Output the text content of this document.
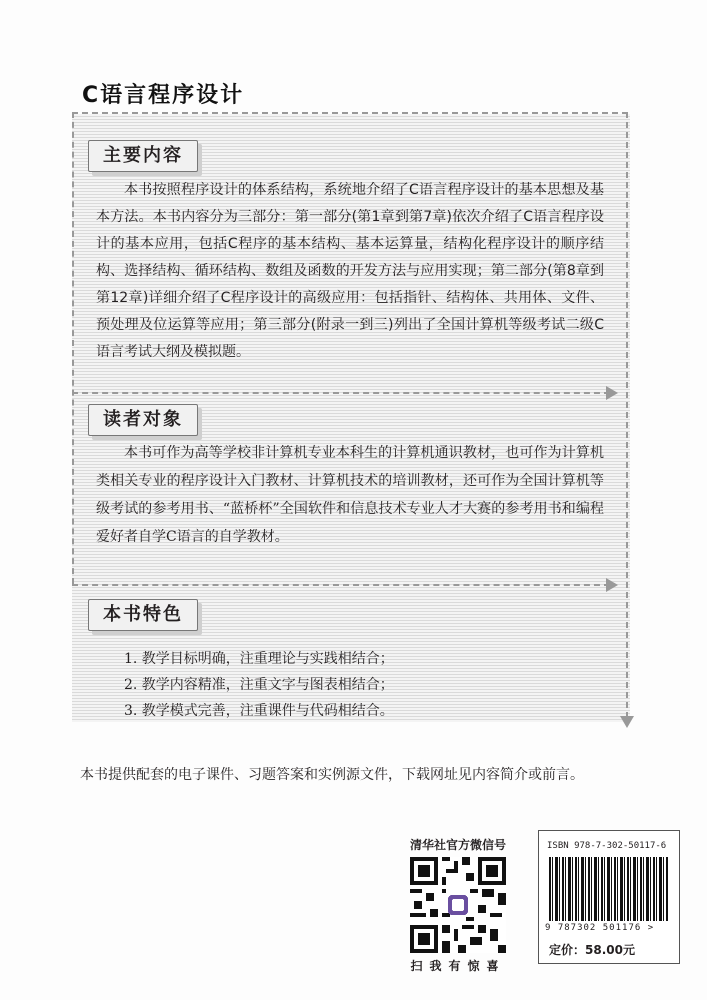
C语言程序设计
主要内容
本书按照程序设计的体系结构，系统地介绍了C语言程序设计的基本思想及基本方法。本书内容分为三部分：第一部分(第1章到第7章)依次介绍了C语言程序设计的基本应用，包括C程序的基本结构、基本运算量，结构化程序设计的顺序结构、选择结构、循环结构、数组及函数的开发方法与应用实现；第二部分(第8章到第12章)详细介绍了C程序设计的高级应用：包括指针、结构体、共用体、文件、预处理及位运算等应用；第三部分(附录一到三)列出了全国计算机等级考试二级C语言考试大纲及模拟题。
读者对象
本书可作为高等学校非计算机专业本科生的计算机通识教材，也可作为计算机类相关专业的程序设计入门教材、计算机技术的培训教材，还可作为全国计算机等级考试的参考用书、“蓝桥杯”全国软件和信息技术专业人才大赛的参考用书和编程爱好者自学C语言的自学教材。
本书特色
1. 教学目标明确，注重理论与实践相结合；
2. 教学内容精准，注重文字与图表相结合；
3. 教学模式完善，注重课件与代码相结合。
本书提供配套的电子课件、习题答案和实例源文件，下载网址见内容简介或前言。
清华社官方微信号
扫我有惊喜
ISBN 978-7-302-50117-6
9 787302 501176 >
定价：58.00元
